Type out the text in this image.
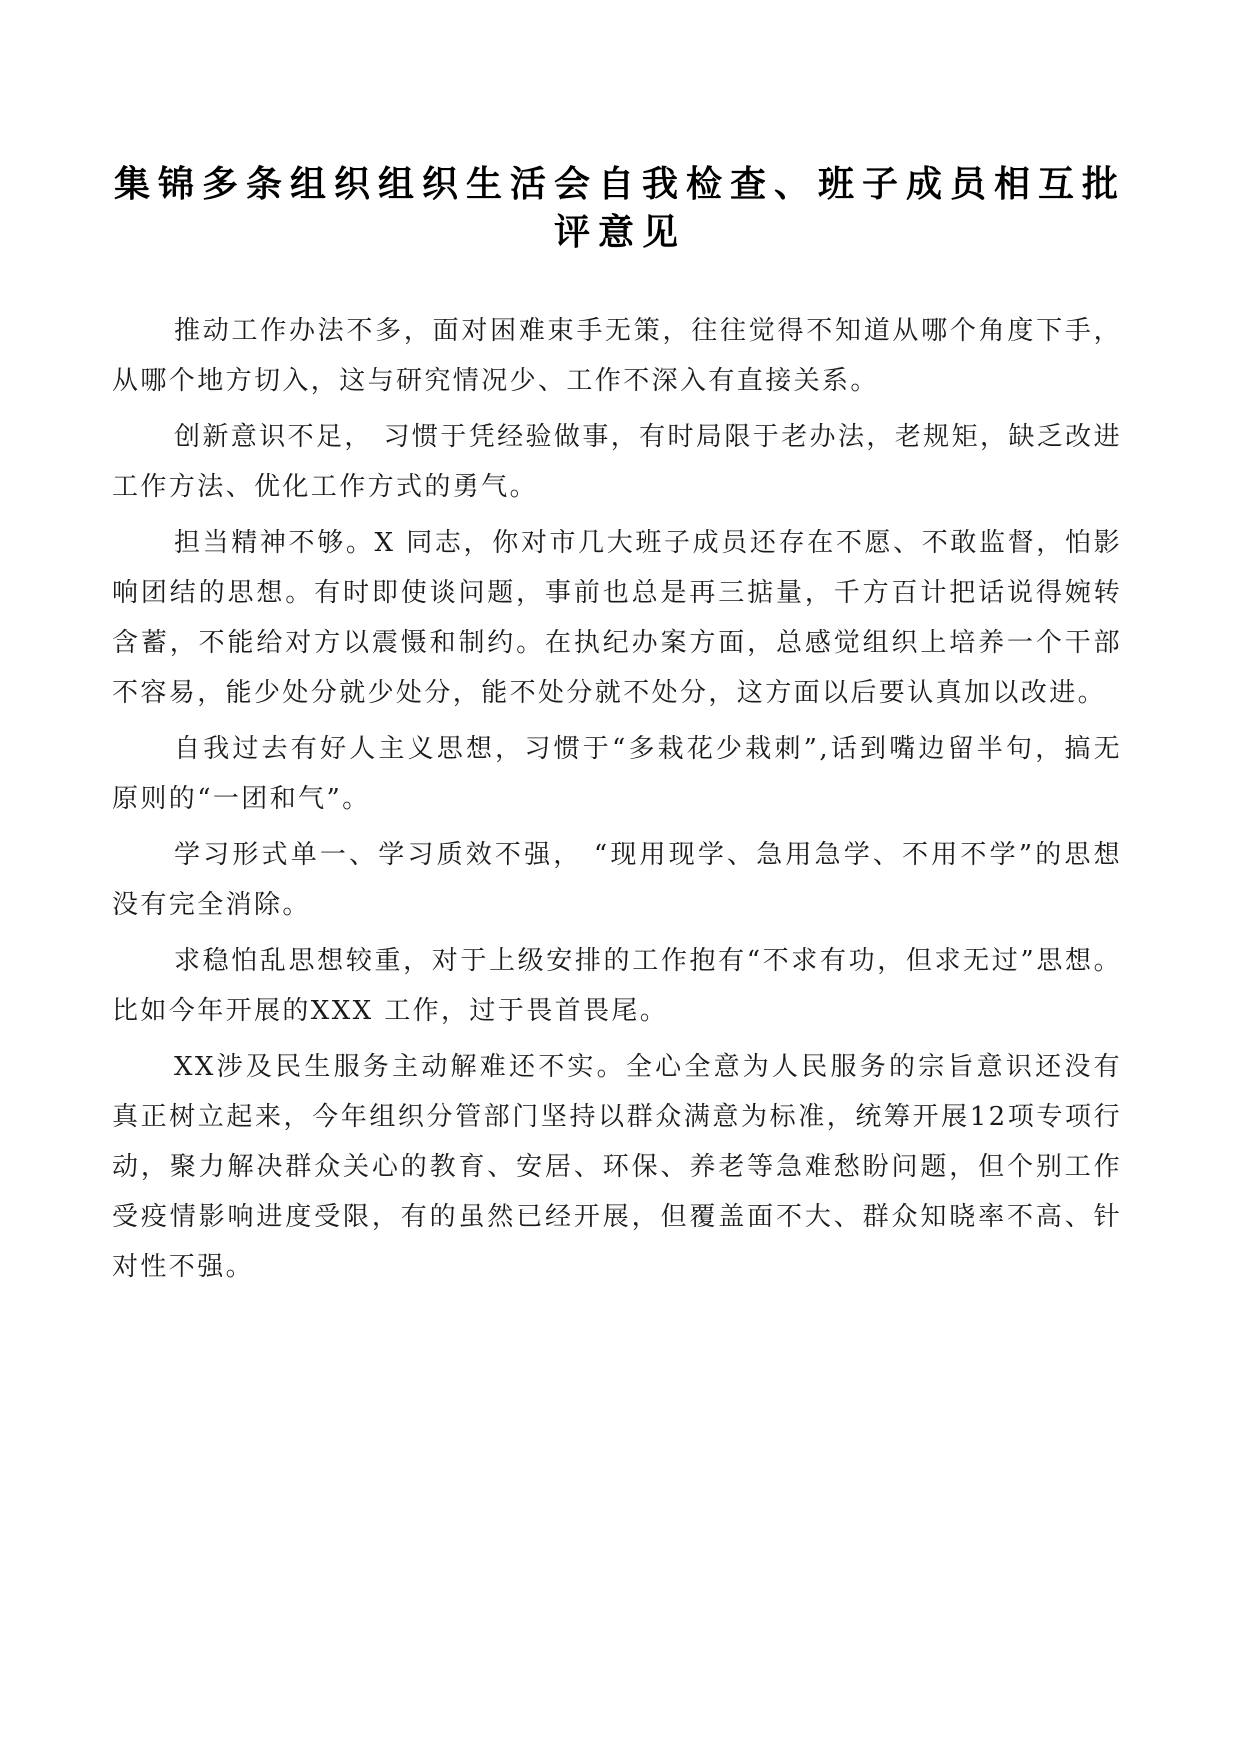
集锦多条组织组织生活会自我检查、班子成员相互批评意见

推动工作办法不多，面对困难束手无策，往往觉得不知道从哪个角度下手，从哪个地方切入，这与研究情况少、工作不深入有直接关系。

创新意识不足， 习惯于凭经验做事，有时局限于老办法，老规矩，缺乏改进工作方法、优化工作方式的勇气。

担当精神不够。X 同志，你对市几大班子成员还存在不愿、不敢监督，怕影响团结的思想。有时即使谈问题，事前也总是再三掂量，千方百计把话说得婉转含蓄，不能给对方以震慑和制约。在执纪办案方面，总感觉组织上培养一个干部不容易，能少处分就少处分，能不处分就不处分，这方面以后要认真加以改进。

自我过去有好人主义思想，习惯于“多栽花少栽刺”,话到嘴边留半句，搞无原则的“一团和气”。

学习形式单一、学习质效不强， “现用现学、急用急学、不用不学”的思想没有完全消除。

求稳怕乱思想较重，对于上级安排的工作抱有“不求有功，但求无过”思想。比如今年开展的XXX 工作，过于畏首畏尾。

XX涉及民生服务主动解难还不实。全心全意为人民服务的宗旨意识还没有真正树立起来，今年组织分管部门坚持以群众满意为标准，统筹开展12项专项行动，聚力解决群众关心的教育、安居、环保、养老等急难愁盼问题，但个别工作受疫情影响进度受限，有的虽然已经开展，但覆盖面不大、群众知晓率不高、针对性不强。
